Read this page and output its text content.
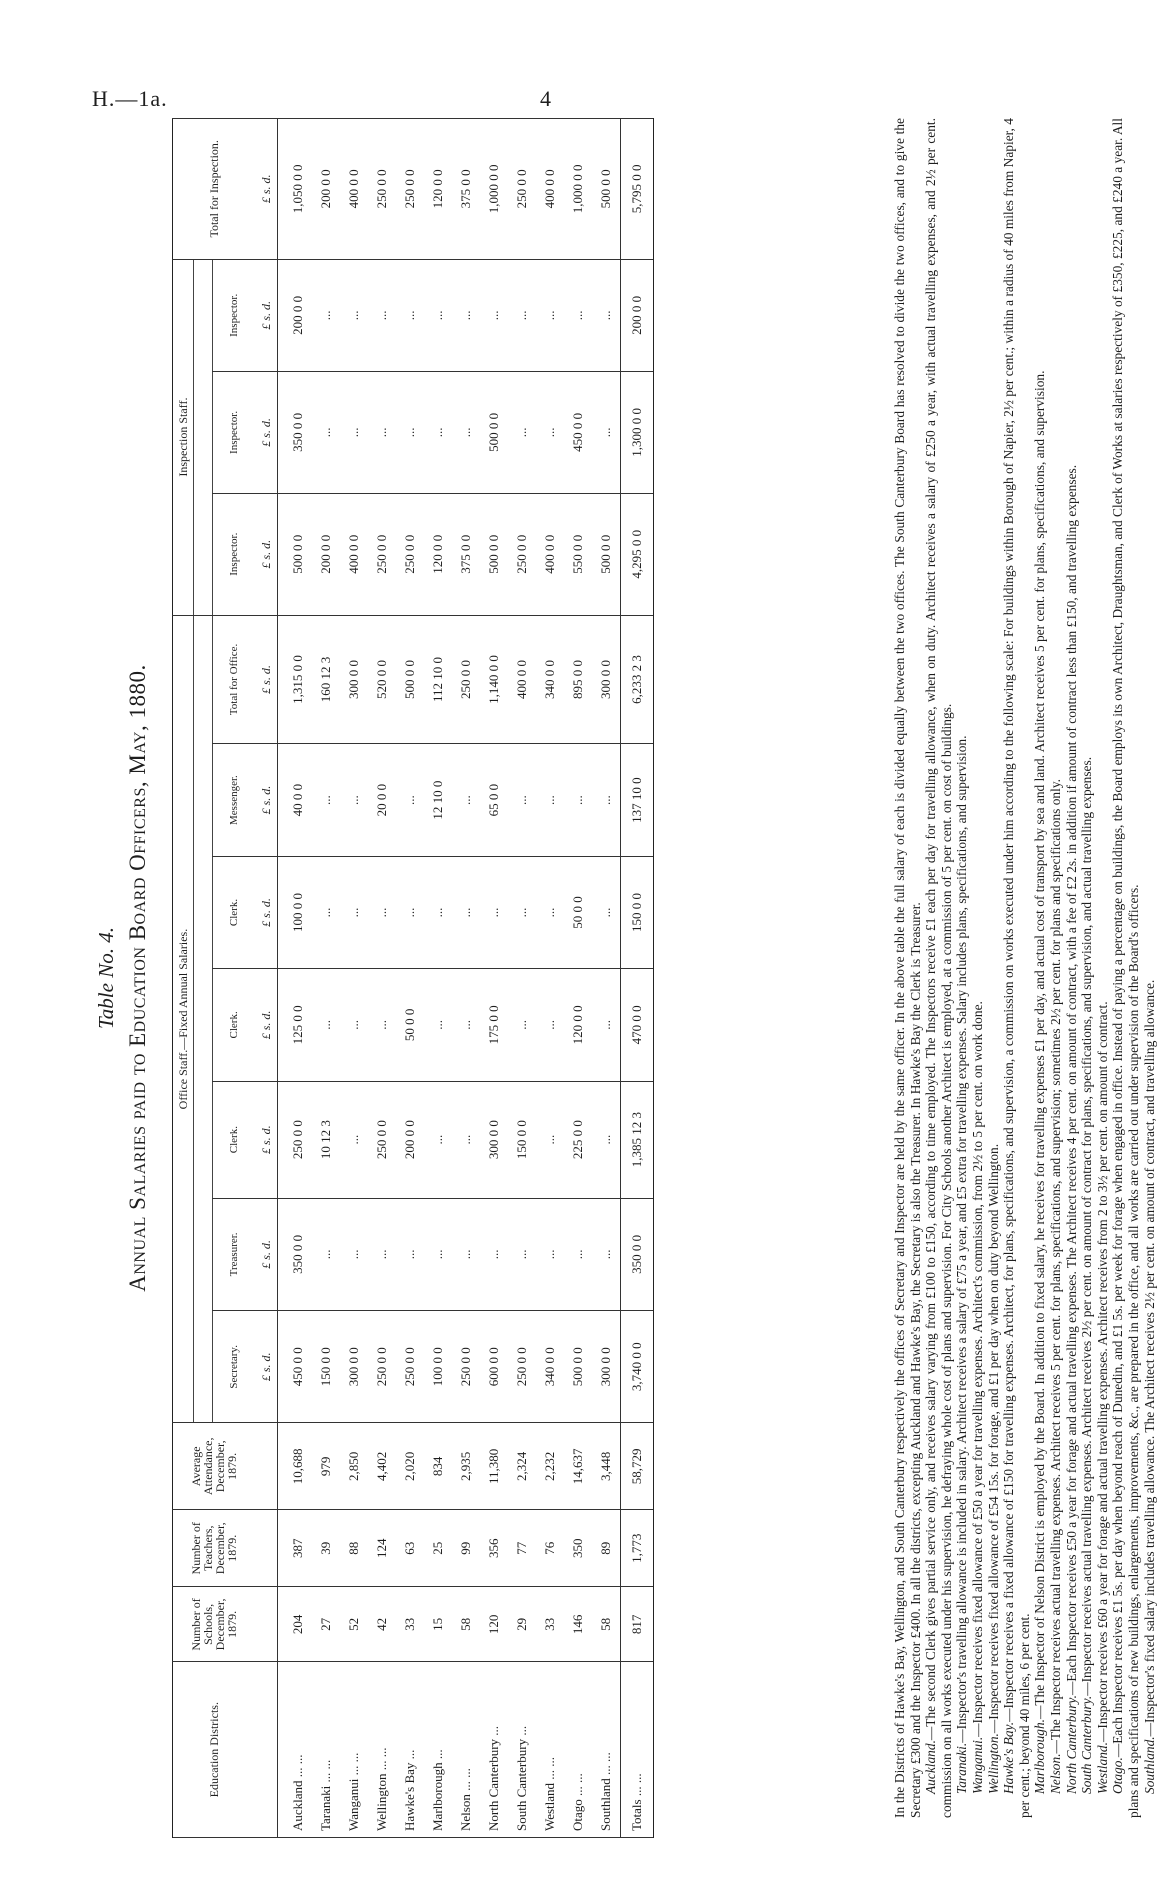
H.—1a.	4
Table No. 4. Annual Salaries paid to Education Board Officers, May, 1880.
Education Districts.	Number of Schools, December, 1879.	Number of Teachers, December, 1879.	Average Attendance, December, 1879.	Office Staff.—Fixed Annual Salaries.							Inspection Staff.			Total for Inspection.

				Secretary.	Treasurer.	Clerk.	Clerk.	Clerk.	Messenger.	Total for Office.	Inspector.	Inspector.	Inspector.	
				£ s. d.	£ s. d.	£ s. d.	£ s. d.	£ s. d.	£ s. d.	£ s. d.	£ s. d.	£ s. d.	£ s. d.	£ s. d.
Auckland ... ...	204	387	10,688	450 0 0	350 0 0	250 0 0	125 0 0	100 0 0	40 0 0	1,315 0 0	500 0 0	350 0 0	200 0 0	1,050 0 0
Taranaki ... ...	27	39	979	150 0 0	...	10 12 3	...	...	...	160 12 3	200 0 0	...	...	200 0 0
Wanganui ... ...	52	88	2,850	300 0 0	...	...	...	...	...	300 0 0	400 0 0	...	...	400 0 0
Wellington ... ...	42	124	4,402	250 0 0	...	250 0 0	...	...	20 0 0	520 0 0	250 0 0	...	...	250 0 0
Hawke's Bay ...	33	63	2,020	250 0 0	...	200 0 0	50 0 0	...	...	500 0 0	250 0 0	...	...	250 0 0
Marlborough ...	15	25	834	100 0 0	...	...	...	...	12 10 0	112 10 0	120 0 0	...	...	120 0 0
Nelson ... ...	58	99	2,935	250 0 0	...	...	...	...	...	250 0 0	375 0 0	...	...	375 0 0
North Canterbury ...	120	356	11,380	600 0 0	...	300 0 0	175 0 0	...	65 0 0	1,140 0 0	500 0 0	500 0 0	...	1,000 0 0
South Canterbury ...	29	77	2,324	250 0 0	...	150 0 0	...	...	...	400 0 0	250 0 0	...	...	250 0 0
Westland ... ...	33	76	2,232	340 0 0	...	...	...	...	...	340 0 0	400 0 0	...	...	400 0 0
Otago ... ...	146	350	14,637	500 0 0	...	225 0 0	120 0 0	50 0 0	...	895 0 0	550 0 0	450 0 0	...	1,000 0 0
Southland ... ...	58	89	3,448	300 0 0	...	...	...	...	...	300 0 0	500 0 0	...	...	500 0 0
Totals ... ...	817	1,773	58,729	3,740 0 0	350 0 0	1,385 12 3	470 0 0	150 0 0	137 10 0	6,233 2 3	4,295 0 0	1,300 0 0	200 0 0	5,795 0 0	In the Districts of Hawke's Bay, Wellington, and South Canterbury respectively the offices of Secretary and Inspector are held by the same officer. In the above table the full salary of each is divided equally between the two offices. The South Canterbury Board has resolved to divide the two offices, and to give the Secretary £300 and the Inspector £400. In all the districts, excepting Auckland and Hawke's Bay, the Secretary is also the Treasurer. In Hawke's Bay the Clerk is Treasurer. Auckland.—The second Clerk gives partial service only, and receives salary varying from £100 to £150, according to time employed. The Inspectors receive £1 each per day for travelling allowance, when on duty. Architect receives a salary of £250 a year, with actual travelling expenses, and 2½ per cent. commission on all works executed under his supervision, he defraying whole cost of plans and supervision. For City Schools another Architect is employed, at a commission of 5 per cent. on cost of buildings. Taranaki.—Inspector's travelling allowance is included in salary. Architect receives a salary of £75 a year, and £5 extra for travelling expenses. Salary includes plans, specifications, and supervision.

Wanganui.—Inspector receives fixed allowance of £50 a year for travelling expenses. Architect's commission, from 2½ to 5 per cent. on work done.

Wellington.—Inspector receives fixed allowance of £54 15s. for forage, and £1 per day when on duty beyond Wellington.

Hawke's Bay.—Inspector receives a fixed allowance of £150 for travelling expenses. Architect, for plans, specifications, and supervision, a commission on works executed under him according to the following scale: For buildings within Borough of Napier, 2½ per cent.; within a radius of 40 miles from Napier, 4 per cent.; beyond 40 miles, 6 per cent. Marlborough.—The Inspector of Nelson District is employed by the Board. In addition to fixed salary, he receives for travelling expenses £1 per day, and actual cost of transport by sea and land. Architect receives 5 per cent. for plans, specifications, and supervision.

Nelson.—The Inspector receives actual travelling expenses. Architect receives 5 per cent. for plans, specifications, and supervision; sometimes 2½ per cent. for plans and specifications only. North Canterbury.—Each Inspector receives £50 a year for forage and actual travelling expenses. The Architect receives 4 per cent. on amount of contract, with a fee of £2 2s. in addition if amount of contract less than £150, and travelling expenses.

South Canterbury.—Inspector receives actual travelling expenses. Architect receives 2½ per cent. on amount of contract for plans, specifications, and supervision, and actual travelling expenses.

Westland.—Inspector receives £60 a year for forage and actual travelling expenses. Architect receives from 2 to 3½ per cent. on amount of contract.

Otago.—Each Inspector receives £1 5s. per day when beyond reach of Dunedin, and £1 5s. per week for forage when engaged in office. Instead of paying a percentage on buildings, the Board employs its own Architect, Draughtsman, and Clerk of Works at salaries respectively of £350, £225, and £240 a year. All plans and specifications of new buildings, enlargements, improvements, &c., are prepared in the office, and all works are carried out under supervision of the Board's officers. Southland.—Inspector's fixed salary includes travelling allowance. The Architect receives 2½ per cent. on amount of contract, and travelling allowance.
